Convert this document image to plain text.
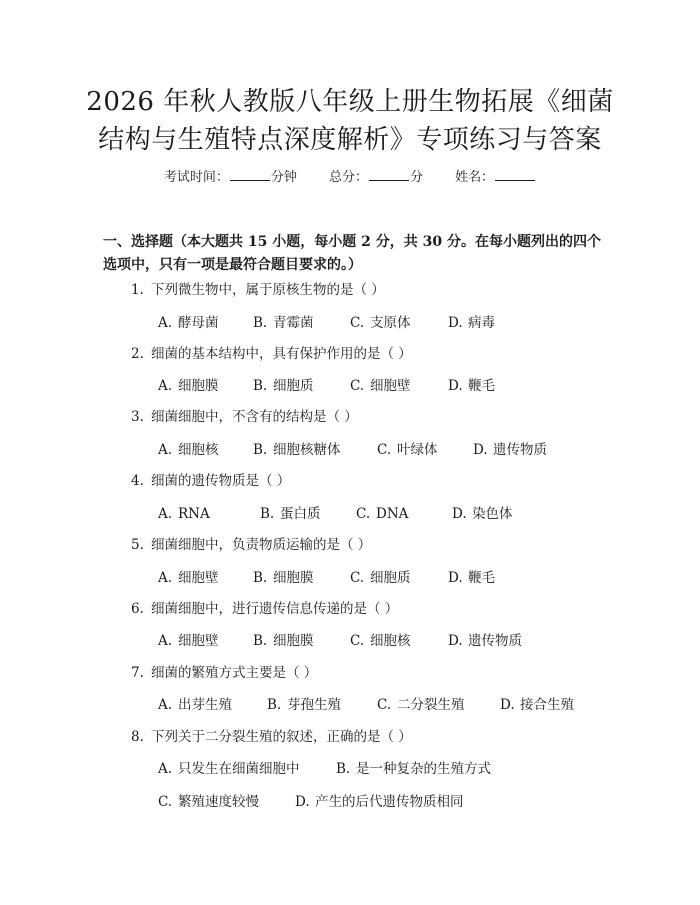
2026 年秋人教版八年级上册生物拓展《细菌
结构与生殖特点深度解析》专项练习与答案
考试时间：	分钟 总分：	分 姓名：

一、选择题（本大题共 15 小题，每小题 2 分，共 30 分。在每小题列出的四个选项中，只有一项是最符合题目要求的。）

1. 下列微生物中，属于原核生物的是（ ）
A. 酵母菌	B. 青霉菌	C. 支原体	D. 病毒
2. 细菌的基本结构中，具有保护作用的是（ ）
A. 细胞膜	B. 细胞质	C. 细胞壁	D. 鞭毛
3. 细菌细胞中，不含有的结构是（ ）
A. 细胞核	B. 细胞核糖体	C. 叶绿体	D. 遗传物质
4. 细菌的遗传物质是（ ）
A. RNA	B. 蛋白质	C. DNA	D. 染色体
5. 细菌细胞中，负责物质运输的是（ ）
A. 细胞壁	B. 细胞膜	C. 细胞质	D. 鞭毛
6. 细菌细胞中，进行遗传信息传递的是（ ）
A. 细胞壁	B. 细胞膜	C. 细胞核	D. 遗传物质
7. 细菌的繁殖方式主要是（ ）
A. 出芽生殖	B. 芽孢生殖	C. 二分裂生殖	D. 接合生殖
8. 下列关于二分裂生殖的叙述，正确的是（ ）
A. 只发生在细菌细胞中	B. 是一种复杂的生殖方式
C. 繁殖速度较慢	D. 产生的后代遗传物质相同
